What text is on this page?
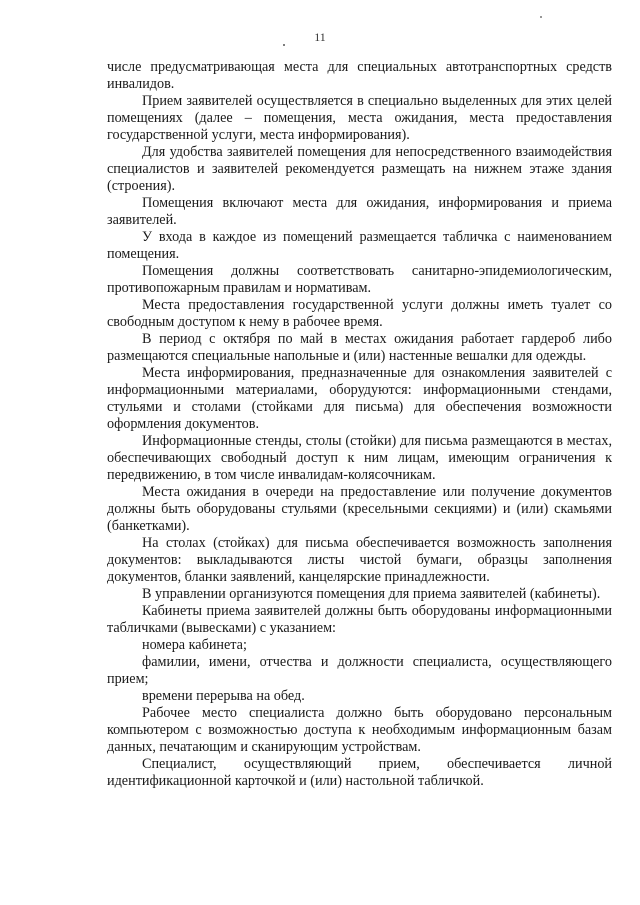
11

числе предусматривающая места для специальных автотранспортных средств инвалидов.

Прием заявителей осуществляется в специально выделенных для этих целей помещениях (далее – помещения, места ожидания, места предоставления государственной услуги, места информирования).

Для удобства заявителей помещения для непосредственного взаимодействия специалистов и заявителей рекомендуется размещать на нижнем этаже здания (строения).

Помещения включают места для ожидания, информирования и приема заявителей.

У входа в каждое из помещений размещается табличка с наименованием помещения.

Помещения должны соответствовать санитарно-эпидемиологическим, противопожарным правилам и нормативам.

Места предоставления государственной услуги должны иметь туалет со свободным доступом к нему в рабочее время.

В период с октября по май в местах ожидания работает гардероб либо размещаются специальные напольные и (или) настенные вешалки для одежды.

Места информирования, предназначенные для ознакомления заявителей с информационными материалами, оборудуются: информационными стендами, стульями и столами (стойками для письма) для обеспечения возможности оформления документов.

Информационные стенды, столы (стойки) для письма размещаются в местах, обеспечивающих свободный доступ к ним лицам, имеющим ограничения к передвижению, в том числе инвалидам-колясочникам.

Места ожидания в очереди на предоставление или получение документов должны быть оборудованы стульями (кресельными секциями) и (или) скамьями (банкетками).

На столах (стойках) для письма обеспечивается возможность заполнения документов: выкладываются листы чистой бумаги, образцы заполнения документов, бланки заявлений, канцелярские принадлежности.

В управлении организуются помещения для приема заявителей (кабинеты).

Кабинеты приема заявителей должны быть оборудованы информационными табличками (вывесками) с указанием:

номера кабинета;

фамилии, имени, отчества и должности специалиста, осуществляющего прием;

времени перерыва на обед.

Рабочее место специалиста должно быть оборудовано персональным компьютером с возможностью доступа к необходимым информационным базам данных, печатающим и сканирующим устройствам.

Специалист, осуществляющий прием, обеспечивается личной идентификационной карточкой и (или) настольной табличкой.
